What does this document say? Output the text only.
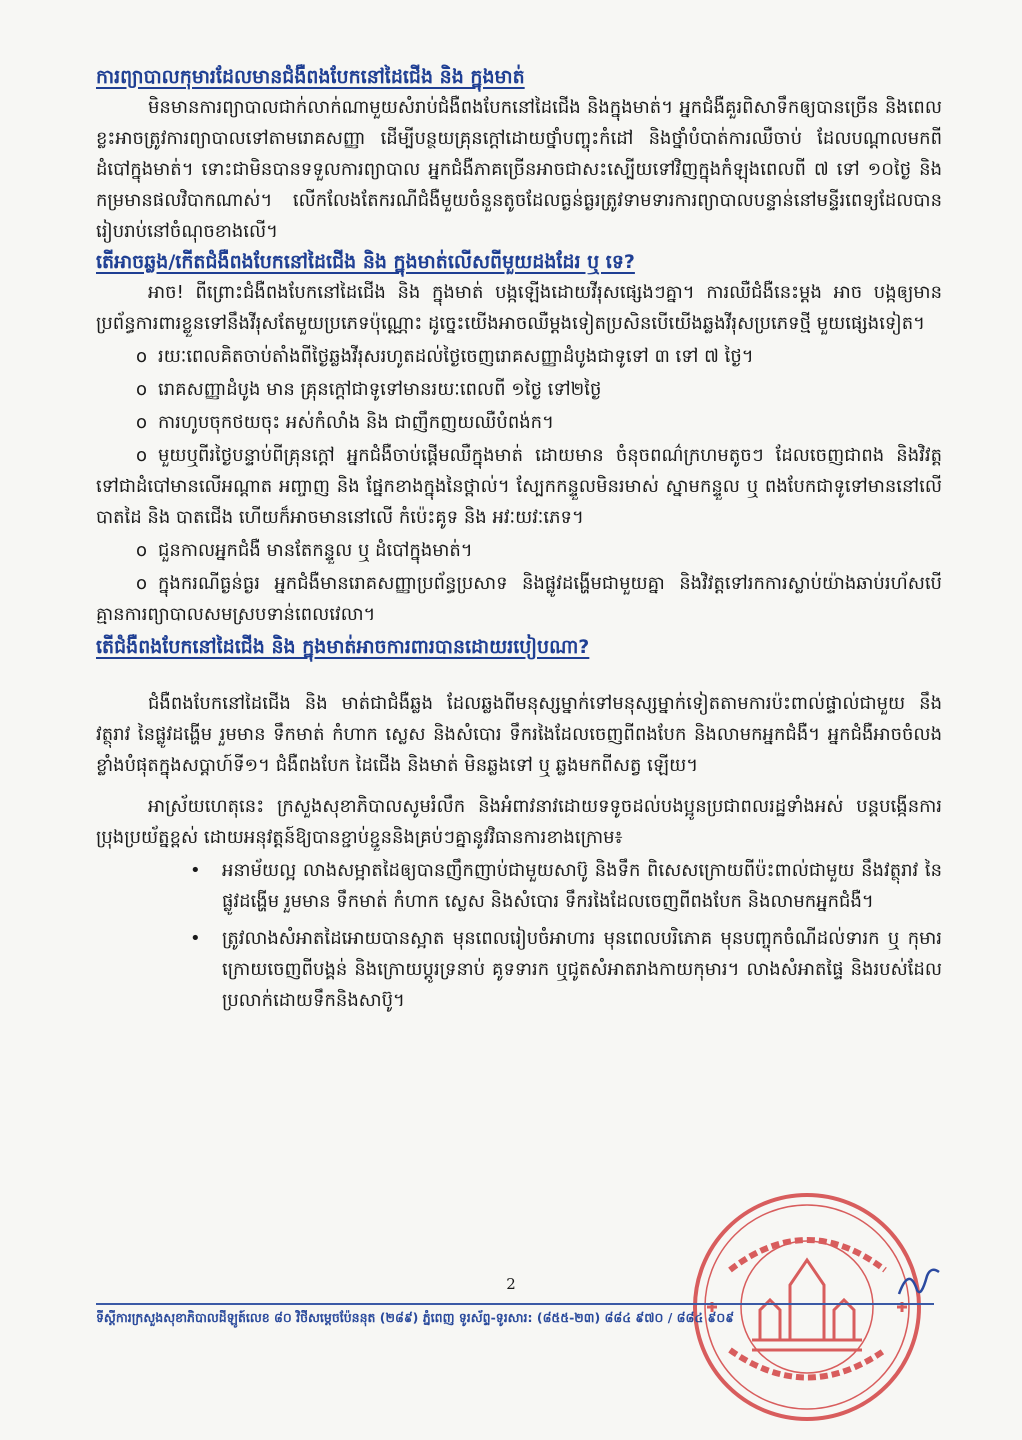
ការព្យាបាលកុមារដែលមានជំងឺពងបែកនៅដៃជើង និង ក្នុងមាត់

មិនមានការព្យាបាលជាក់លាក់ណាមួយសំរាប់ជំងឺពងបែកនៅដៃជើង និងក្នុងមាត់។ អ្នកជំងឺគួរពិសាទឹកឲ្យបានច្រើន និងពេលខ្លះអាចត្រូវការព្យាបាលទៅតាមរោគសញ្ញា ដើម្បីបន្ថយគ្រុនក្តៅដោយថ្នាំបញ្ចុះកំដៅ និងថ្នាំបំបាត់ការឈឺចាប់ ដែលបណ្ដាលមកពីដំបៅក្នុងមាត់។ ទោះជាមិនបានទទួលការព្យាបាល អ្នកជំងឺភាគច្រើនអាចជាសះស្បើយទៅវិញក្នុងកំឡុងពេលពី ៧ ទៅ ១០ថ្ងៃ និងកម្រមានផលវិបាកណាស់។ លើកលែងតែករណីជំងឺមួយចំនួនតូចដែលធ្ងន់ធ្ងរត្រូវទាមទារការព្យាបាលបន្ទាន់នៅមន្ទីរពេទ្យដែលបានរៀបរាប់នៅចំណុចខាងលើ។

តើអាចឆ្លង/កើតជំងឺពងបែកនៅដៃជើង និង ក្នុងមាត់លើសពីមួយដងដែរ ឬ ទេ?

អាច! ពីព្រោះជំងឺពងបែកនៅដៃជើង និង ក្នុងមាត់ បង្កឡើងដោយវីរុសផ្សេងៗគ្នា។ ការឈឺជំងឺនេះម្តង អាច បង្កឲ្យមាន ប្រព័ន្ធការពារខ្លួនទៅនឹងវីរុសតែមួយប្រភេទប៉ុណ្ណោះ ដូច្នេះយើងអាចឈឺម្តងទៀតប្រសិនបើយើងឆ្លងវីរុសប្រភេទថ្មី មួយផ្សេងទៀត។

o រយៈពេលគិតចាប់តាំងពីថ្ងៃឆ្លងវីរុសរហូតដល់ថ្ងៃចេញរោគសញ្ញាដំបូងជាទូទៅ ៣ ទៅ ៧ ថ្ងៃ។
o រោគសញ្ញាដំបូង មាន គ្រុនក្តៅជាទូទៅមានរយៈពេលពី ១ថ្ងៃ ទៅ២ថ្ងៃ
o ការហូបចុកថយចុះ អស់កំលាំង និង ជាញឹកញយឈឺបំពង់ក។
o មួយឬពីរថ្ងៃបន្ទាប់ពីគ្រុនក្តៅ អ្នកជំងឺចាប់ផ្តើមឈឺក្នុងមាត់ ដោយមាន ចំនុចពណ៌ក្រហមតូចៗ ដែលចេញជាពង និងវិវត្តទៅជាដំបៅមានលើអណ្តាត អញ្ចាញ និង ផ្នែកខាងក្នុងនៃថ្ពាល់។ ស្បែកកន្ទួលមិនរមាស់ ស្នាមកន្ទួល ឬ ពងបែកជាទូទៅមាននៅលើបាតដៃ និង បាតជើង ហើយក៏អាចមាននៅលើ កំប៉េះគូទ និង អវៈយវៈភេទ។
o ជួនកាលអ្នកជំងឺ មានតែកន្ទួល ឬ ដំបៅក្នុងមាត់។
o ក្នុងករណីធ្ងន់ធ្ងរ អ្នកជំងឺមានរោគសញ្ញាប្រព័ន្ធប្រសាទ និងផ្លូវដង្ហើមជាមួយគ្នា និងវិវត្តទៅរកការស្លាប់យ៉ាងឆាប់រហ័សបើគ្មានការព្យាបាលសមស្របទាន់ពេលវេលា។
តើជំងឺពងបែកនៅដៃជើង និង ក្នុងមាត់អាចការពារបានដោយរបៀបណា?

ជំងឺពងបែកនៅដៃជើង និង មាត់ជាជំងឺឆ្លង ដែលឆ្លងពីមនុស្សម្នាក់ទៅមនុស្សម្នាក់ទៀតតាមការប៉ះពាល់ផ្ទាល់ជាមួយ នឹងវត្ថុរាវ នៃផ្លូវដង្ហើម រួមមាន ទឹកមាត់ កំហាក ស្លេស និងសំបោរ ទឹករងៃដែលចេញពីពងបែក និងលាមកអ្នកជំងឺ។ អ្នកជំងឺអាចចំលងខ្លាំងបំផុតក្នុងសប្តាហ៍ទី១។ ជំងឺពងបែក ដៃជើង និងមាត់ មិនឆ្លងទៅ ឬ ឆ្លងមកពីសត្វ ឡើយ។

អាស្រ័យហេតុនេះ ក្រសួងសុខាភិបាលសូមរំលឹក និងអំពាវនាវដោយទទូចដល់បងប្អូនប្រជាពលរដ្ឋទាំងអស់ បន្តបង្កើនការប្រុងប្រយ័ត្នខ្ពស់ ដោយអនុវត្តន៍ឱ្យបានខ្ជាប់ខ្ជួននិងគ្រប់ៗគ្នានូវវិធានការខាងក្រោម៖

• អនាម័យល្អ លាងសម្អាតដៃឲ្យបានញឹកញាប់ជាមួយសាប៊ូ និងទឹក ពិសេសក្រោយពីប៉ះពាល់ជាមួយ នឹងវត្ថុរាវ នៃផ្លូវដង្ហើម រួមមាន ទឹកមាត់ កំហាក ស្លេស និងសំបោរ ទឹករងៃដែលចេញពីពងបែក និងលាមកអ្នកជំងឺ។
• ត្រូវលាងសំអាតដៃអោយបានស្អាត មុនពេលរៀបចំអាហារ មុនពេលបរិភោគ មុនបញ្ចុកចំណីដល់ទារក ឬ កុមារ ក្រោយចេញពីបង្គន់ និងក្រោយប្តូរទ្រនាប់ គូទទារក ឬជូតសំអាតរាងកាយកុមារ។ លាងសំអាតផ្ទៃ និងរបស់ដែលប្រលាក់ដោយទឹកនិងសាប៊ូ។
2
ទីស្តីការក្រសួងសុខាភិបាលដីឡូត៍លេខ ៨០ វិថីសម្តេចប៉ែននុត (២៨៩) ភ្នំពេញ ទូរស័ព្ទ-ទូរសារ: (៨៥៥-២៣) ៨៨៤ ៩៧០ / ៨៨៤ ៩០៩
